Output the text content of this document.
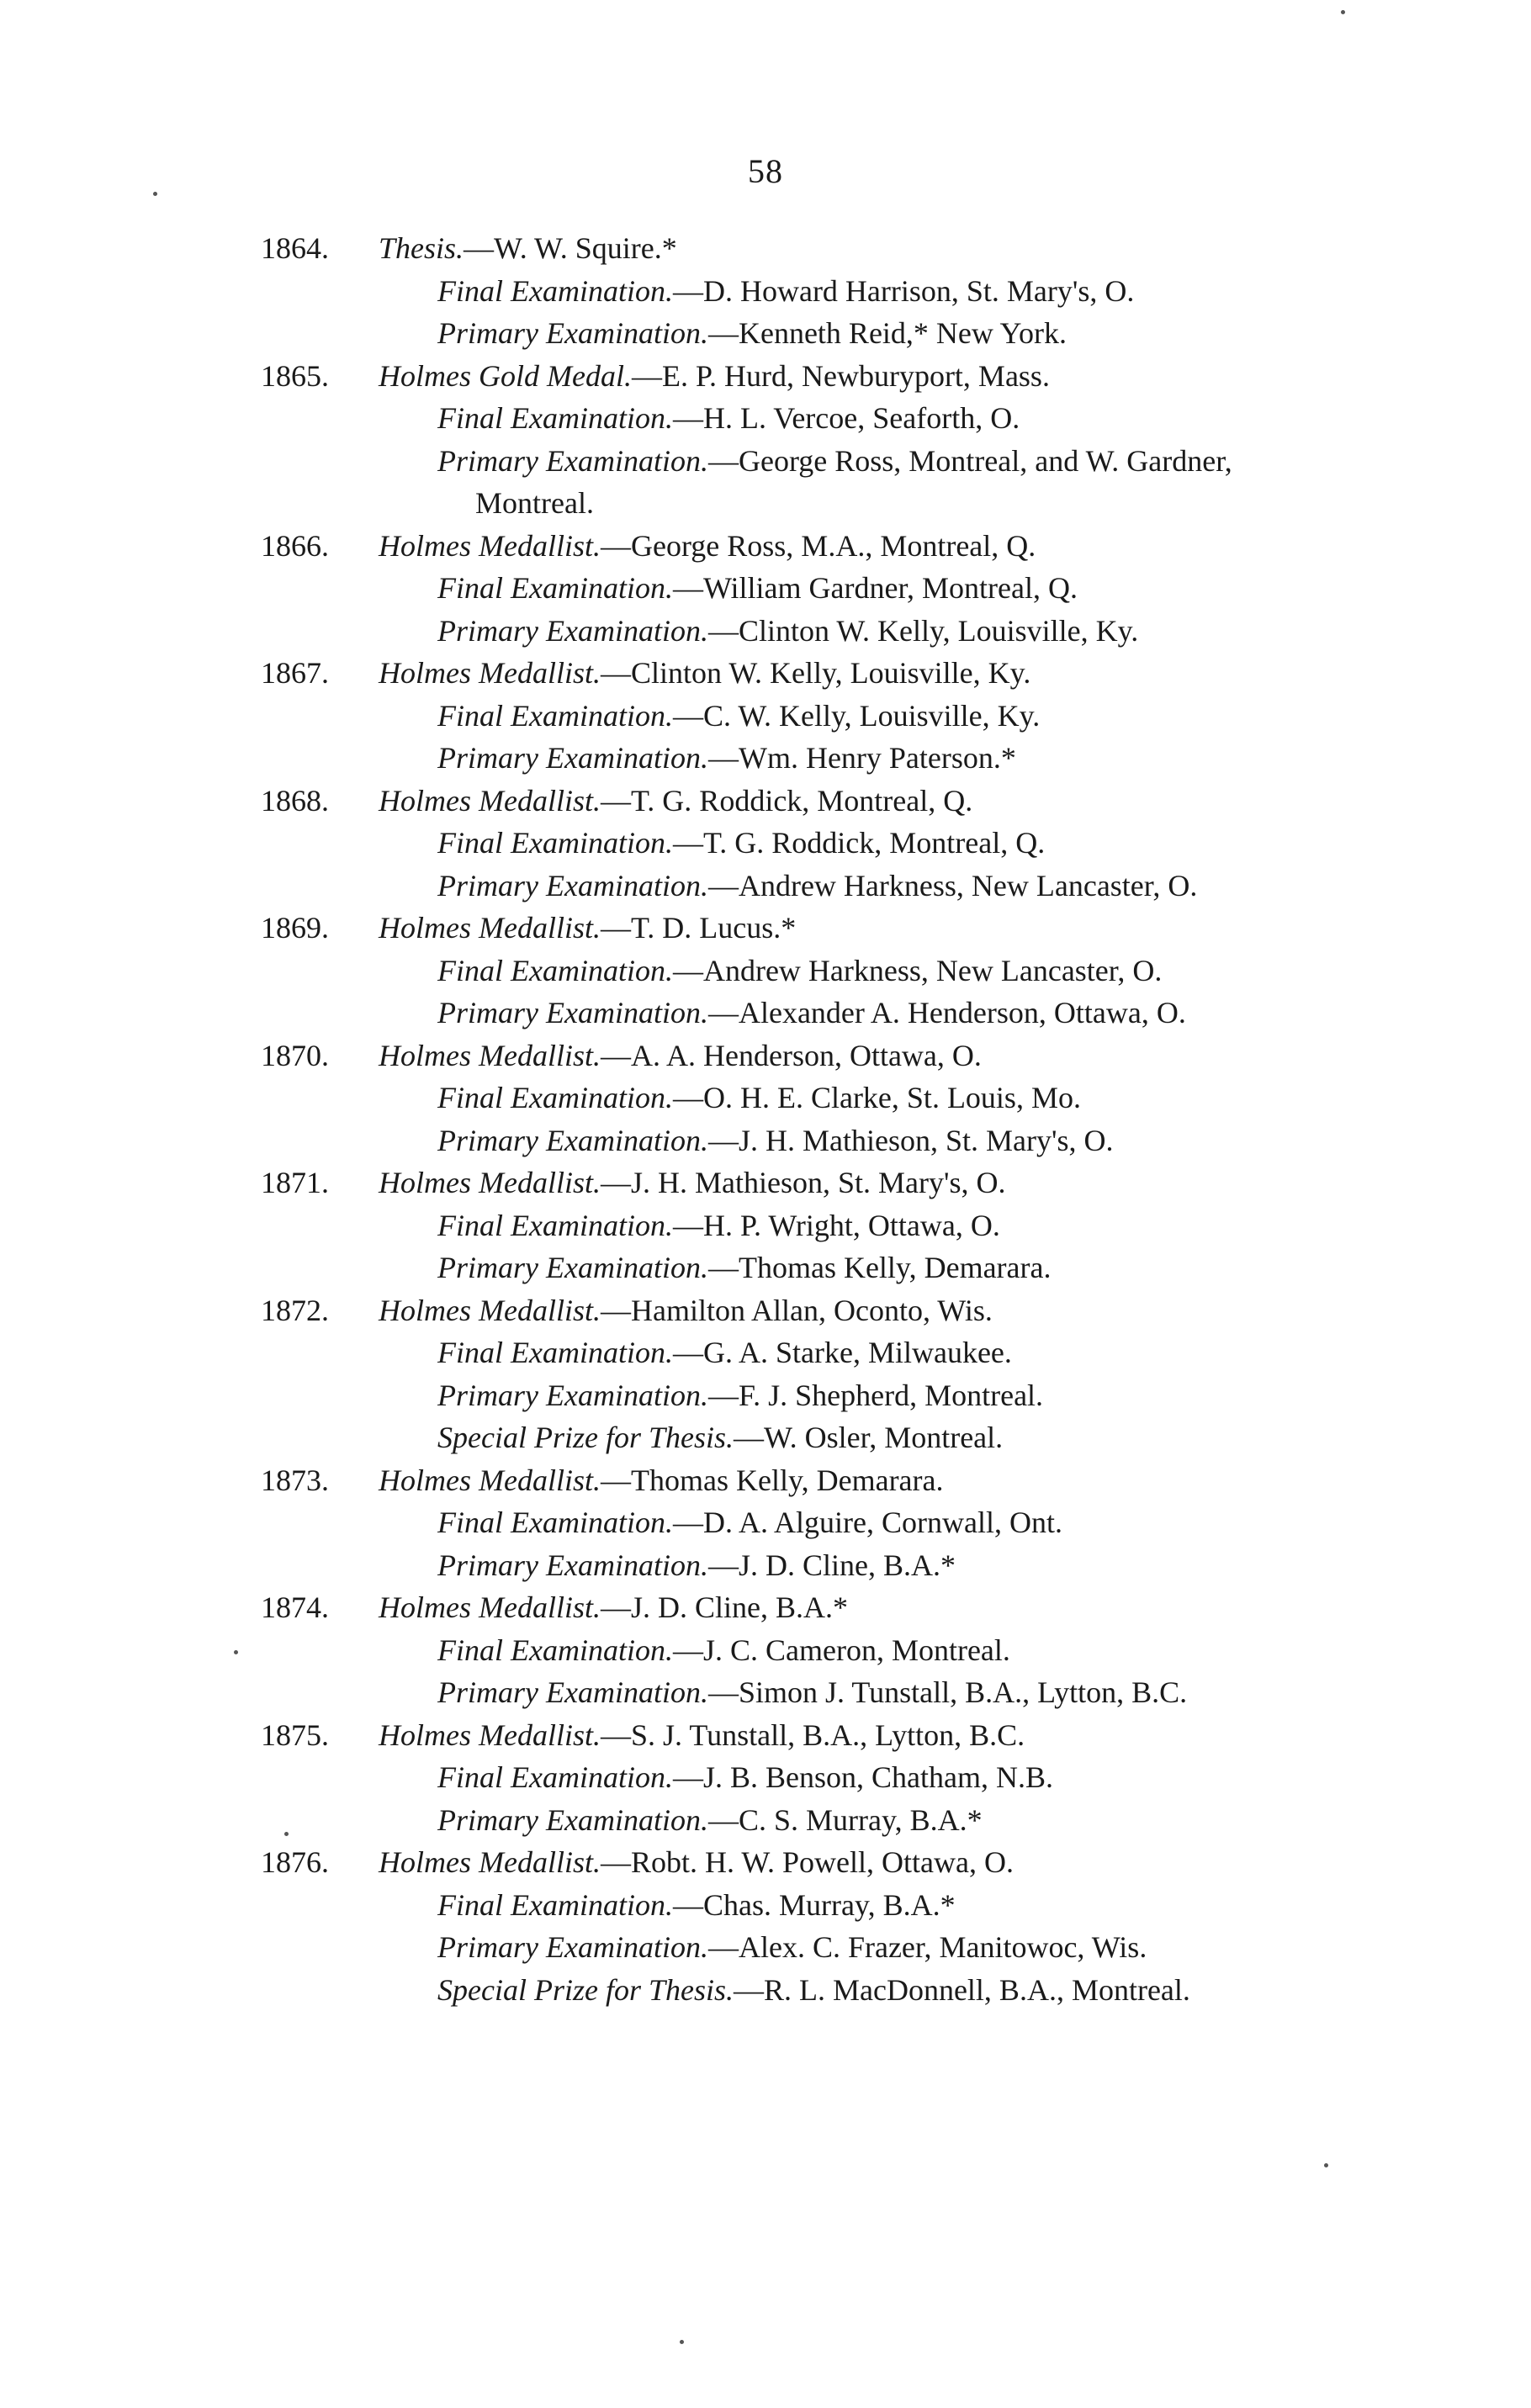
58
1864.	Thesis.—W. W. Squire.*
Final Examination.—D. Howard Harrison, St. Mary's, O.
Primary Examination.—Kenneth Reid,* New York.
1865.	Holmes Gold Medal.—E. P. Hurd, Newburyport, Mass.
Final Examination.—H. L. Vercoe, Seaforth, O.
Primary Examination.—George Ross, Montreal, and W. Gardner,
Montreal.
1866.	Holmes Medallist.—George Ross, M.A., Montreal, Q.
Final Examination.—William Gardner, Montreal, Q.
Primary Examination.—Clinton W. Kelly, Louisville, Ky.
1867.	Holmes Medallist.—Clinton W. Kelly, Louisville, Ky.
Final Examination.—C. W. Kelly, Louisville, Ky.
Primary Examination.—Wm. Henry Paterson.*
1868.	Holmes Medallist.—T. G. Roddick, Montreal, Q.
Final Examination.—T. G. Roddick, Montreal, Q.
Primary Examination.—Andrew Harkness, New Lancaster, O.
1869.	Holmes Medallist.—T. D. Lucus.*
Final Examination.—Andrew Harkness, New Lancaster, O.
Primary Examination.—Alexander A. Henderson, Ottawa, O.
1870.	Holmes Medallist.—A. A. Henderson, Ottawa, O.
Final Examination.—O. H. E. Clarke, St. Louis, Mo.
Primary Examination.—J. H. Mathieson, St. Mary's, O.
1871.	Holmes Medallist.—J. H. Mathieson, St. Mary's, O.
Final Examination.—H. P. Wright, Ottawa, O.
Primary Examination.—Thomas Kelly, Demarara.
1872.	Holmes Medallist.—Hamilton Allan, Oconto, Wis.
Final Examination.—G. A. Starke, Milwaukee.
Primary Examination.—F. J. Shepherd, Montreal.
Special Prize for Thesis.—W. Osler, Montreal.
1873.	Holmes Medallist.—Thomas Kelly, Demarara.
Final Examination.—D. A. Alguire, Cornwall, Ont.
Primary Examination.—J. D. Cline, B.A.*
1874.	Holmes Medallist.—J. D. Cline, B.A.*
Final Examination.—J. C. Cameron, Montreal.
Primary Examination.—Simon J. Tunstall, B.A., Lytton, B.C.
1875.	Holmes Medallist.—S. J. Tunstall, B.A., Lytton, B.C.
Final Examination.—J. B. Benson, Chatham, N.B.
Primary Examination.—C. S. Murray, B.A.*
1876.	Holmes Medallist.—Robt. H. W. Powell, Ottawa, O.
Final Examination.—Chas. Murray, B.A.*
Primary Examination.—Alex. C. Frazer, Manitowoc, Wis.
Special Prize for Thesis.—R. L. MacDonnell, B.A., Montreal.
